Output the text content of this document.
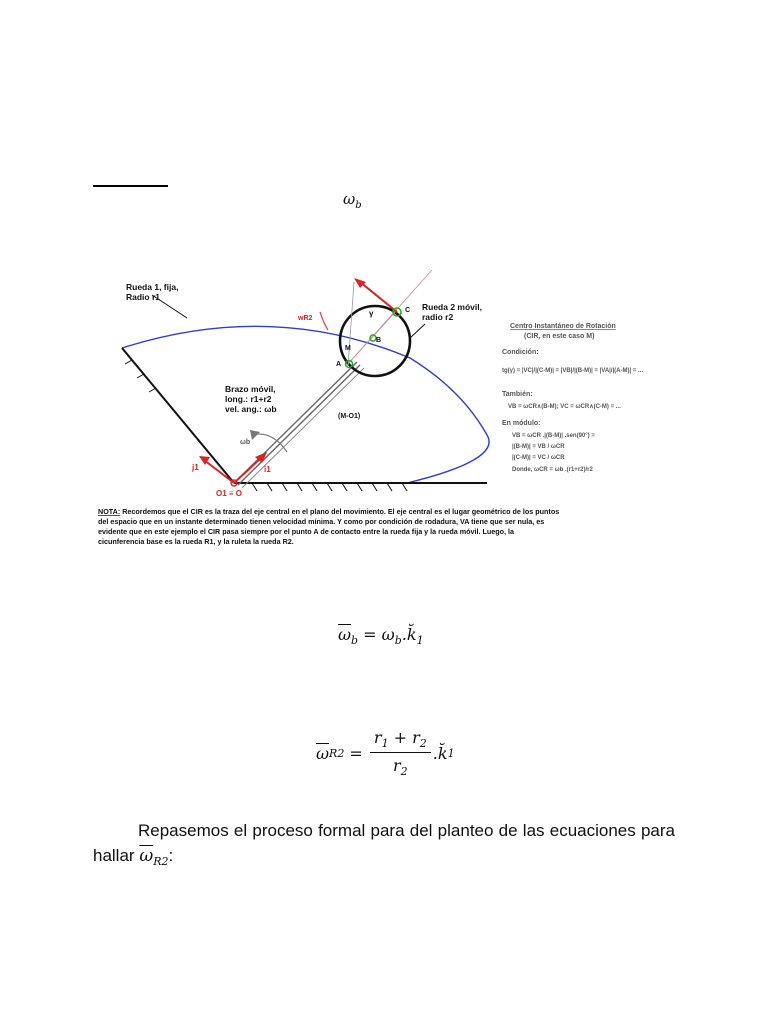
$\omega_b$
Rueda 1, fija,
Radio r1
Rueda 2 móvil,
radio r2
Brazo móvil,
long.: r1+r2
vel. ang.: ωb
C
M
B
A
γ
wR2
(M-O1)
ωb
j1	i1
O1 ≡ O
Centro Instantáneo de Rotación
(CIR, en este caso M)
Condición:
tg(γ) = |VC|/|(C-M)| = |VB|/|(B-M)| = |VA|/|(A-M)| = ...
También:
VB = ωCR∧(B-M); VC = ωCR∧(C-M) = ...
En módulo:
VB = ωCR .|(B-M)| .sen(90°) =
|(B-M)| = VB / ωCR
|(C-M)| = VC / ωCR
Donde, ωCR = ωb .(r1+r2)/r2
NOTA: Recordemos que el CIR es la traza del eje central en el plano del movimiento. El eje central es el lugar geométrico de los puntos
del espacio que en un instante determinado tienen velocidad mínima. Y como por condición de rodadura, VA tiene que ser nula, es
evidente que en este ejemplo el CIR pasa siempre por el punto A de contacto entre la rueda fija y la rueda móvil. Luego, la
cicunferencia base es la rueda R1, y la ruleta la rueda R2.
$\overline{\omega}_b$ = $\omega_b.k̆_1$
$\overline{\omega}$ $R2 = \frac{r_1 + r_2}{r_2}$ . k̆ 1
Repasemos el proceso formal para del planteo de las ecuaciones para hallar $\overline{\omega}_{R2}$:
